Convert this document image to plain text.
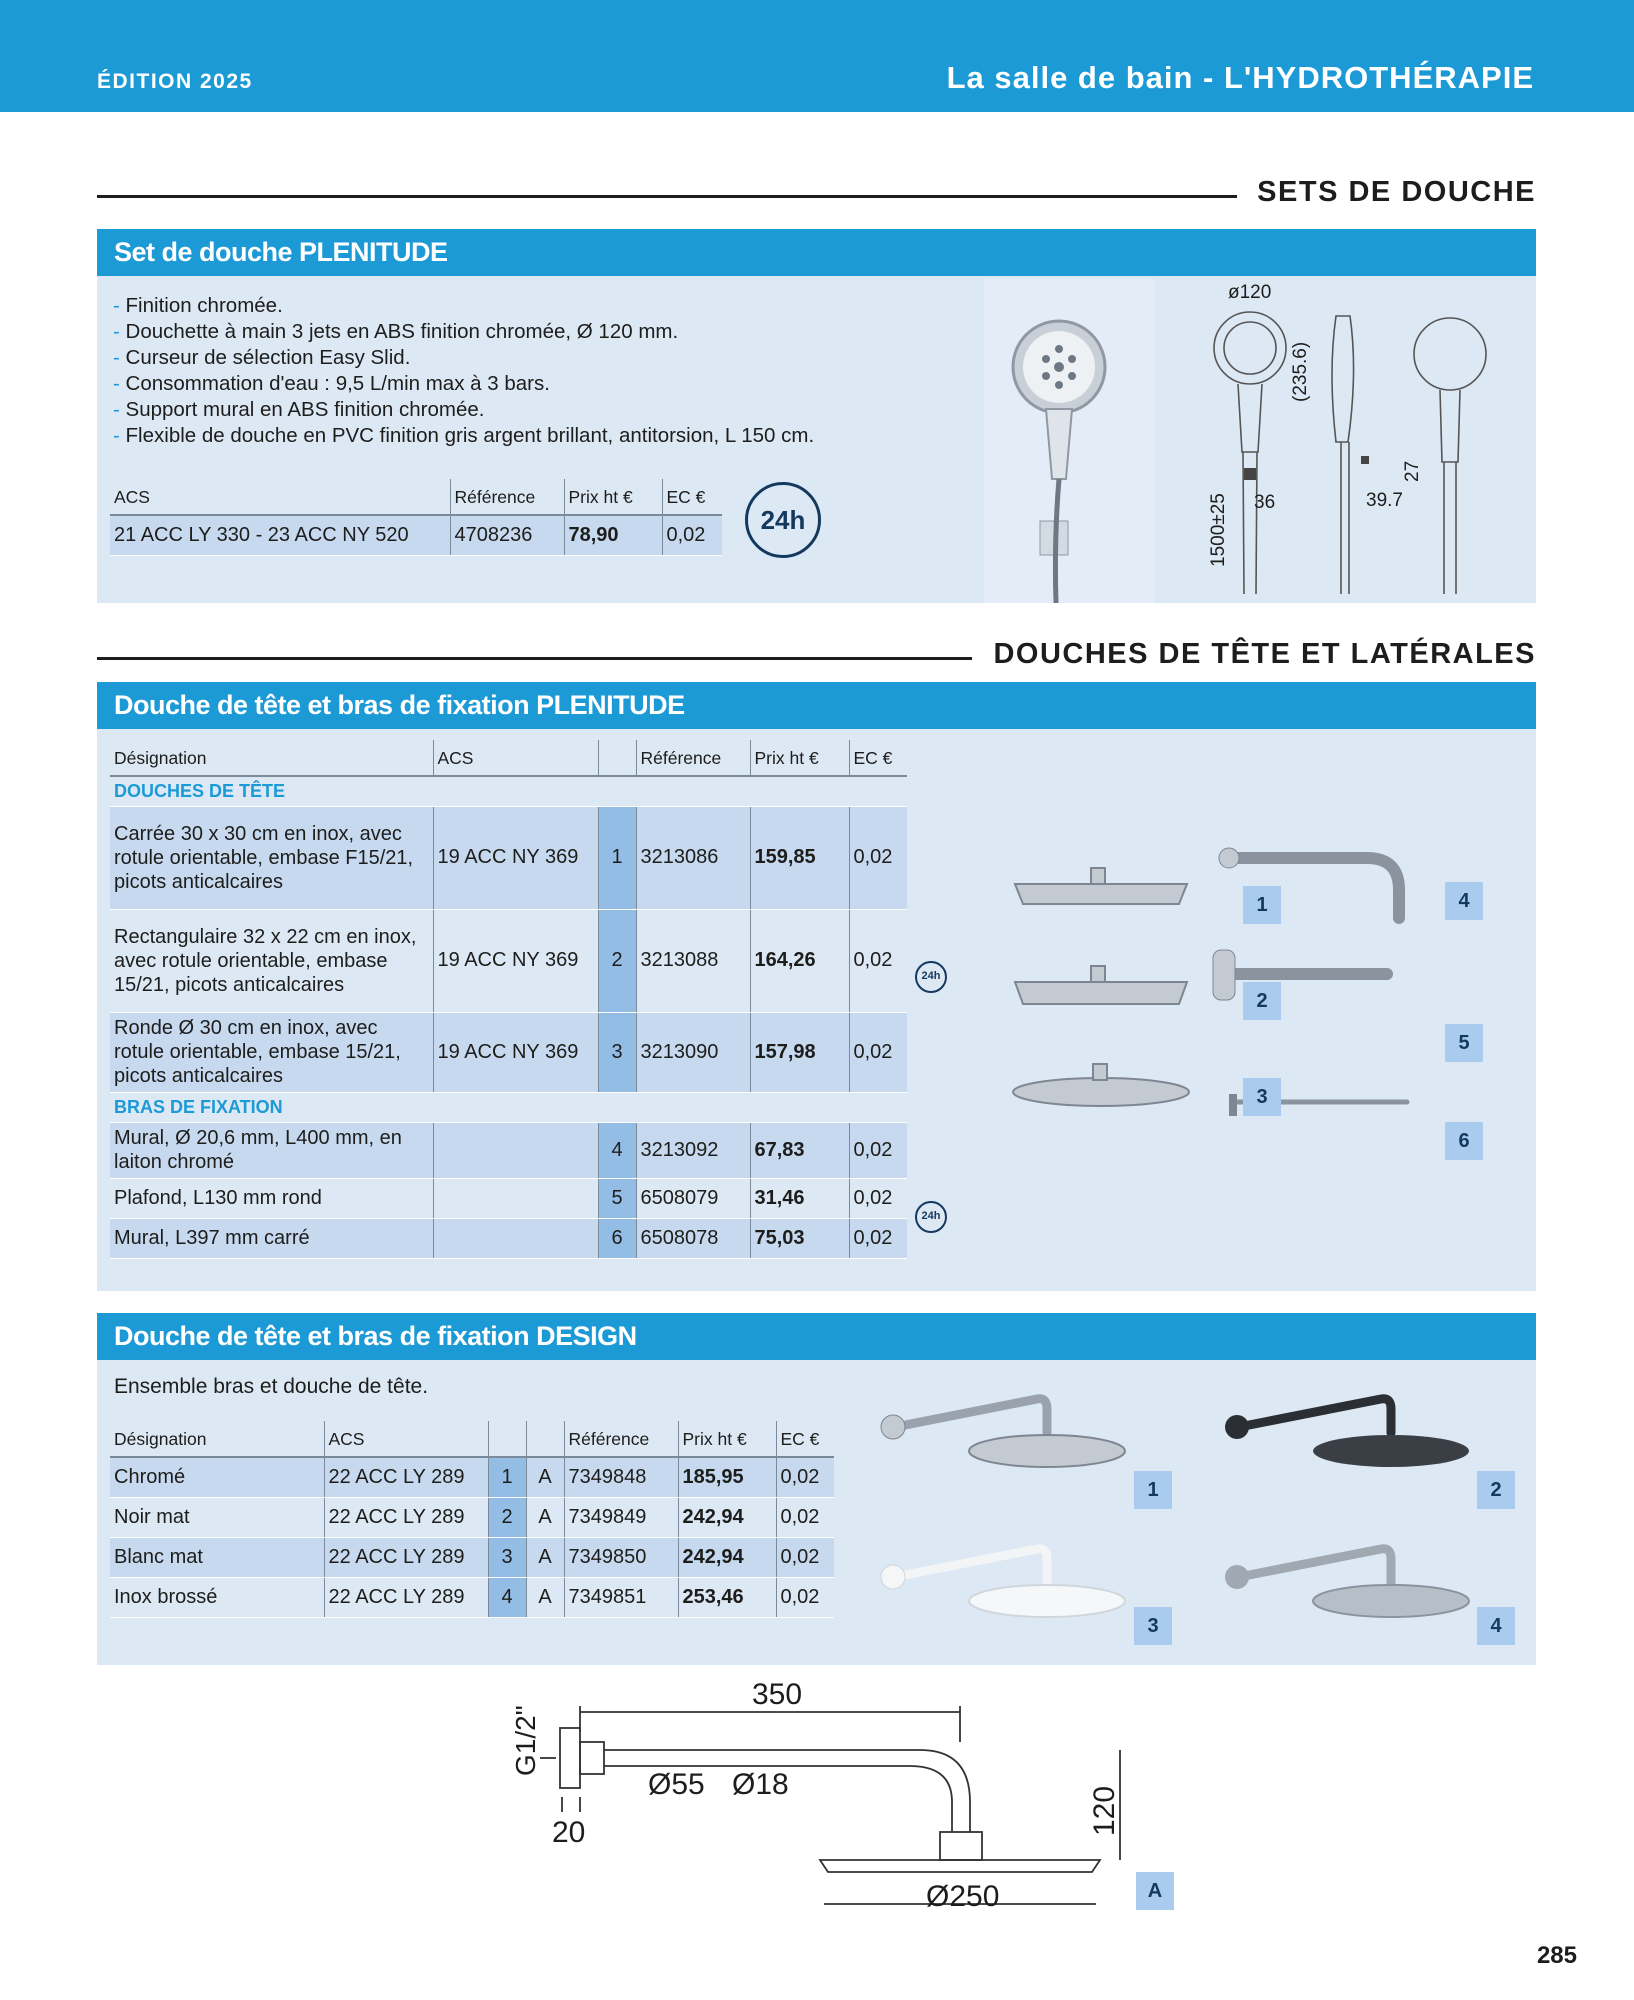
ÉDITION 2025	La salle de bain - L'HYDROTHÉRAPIE
SETS DE DOUCHE
Set de douche PLENITUDE
- Finition chromée.
- Douchette à main 3 jets en ABS finition chromée, Ø 120 mm.
- Curseur de sélection Easy Slid.
- Consommation d'eau : 9,5 L/min max à 3 bars.
- Support mural en ABS finition chromée.
- Flexible de douche en PVC finition gris argent brillant, antitorsion, L 150 cm.
ACS	Référence	Prix ht €	EC €
21 ACC LY 330 - 23 ACC NY 520	4708236	78,90	0,02	24h
ø120
(235.6)
1500±25 36	39.7
27
DOUCHES DE TÊTE ET LATÉRALES
Douche de tête et bras de fixation PLENITUDE
Désignation	ACS		Référence	Prix ht €	EC €
DOUCHES DE TÊTE					
Carrée 30 x 30 cm en inox, avec rotule orientable, embase F15/21, picots anticalcaires	19 ACC NY 369	1	3213086	159,85	0,02
Rectangulaire 32 x 22 cm en inox, avec rotule orientable, embase 15/21, picots anticalcaires	19 ACC NY 369	2	3213088	164,26	0,02
Ronde Ø 30 cm en inox, avec rotule orientable, embase 15/21, picots anticalcaires	19 ACC NY 369	3	3213090	157,98	0,02
BRAS DE FIXATION					
Mural, Ø 20,6 mm, L400 mm, en laiton chromé		4	3213092	67,83	0,02
Plafond, L130 mm rond		5	6508079	31,46	0,02
Mural, L397 mm carré		6	6508078	75,03	0,02
24h
24h
1
2
3
4
5
6
Douche de tête et bras de fixation DESIGN
Ensemble bras et douche de tête.
Désignation	ACS			Référence	Prix ht €	EC €
Chromé	22 ACC LY 289	1	A	7349848	185,95	0,02
Noir mat	22 ACC LY 289	2	A	7349849	242,94	0,02
Blanc mat	22 ACC LY 289	3	A	7349850	242,94	0,02
Inox brossé	22 ACC LY 289	4	A	7349851	253,46	0,02
1	2
3	4
350
G1/2"
Ø55 Ø18
20	120
Ø250	A
285
